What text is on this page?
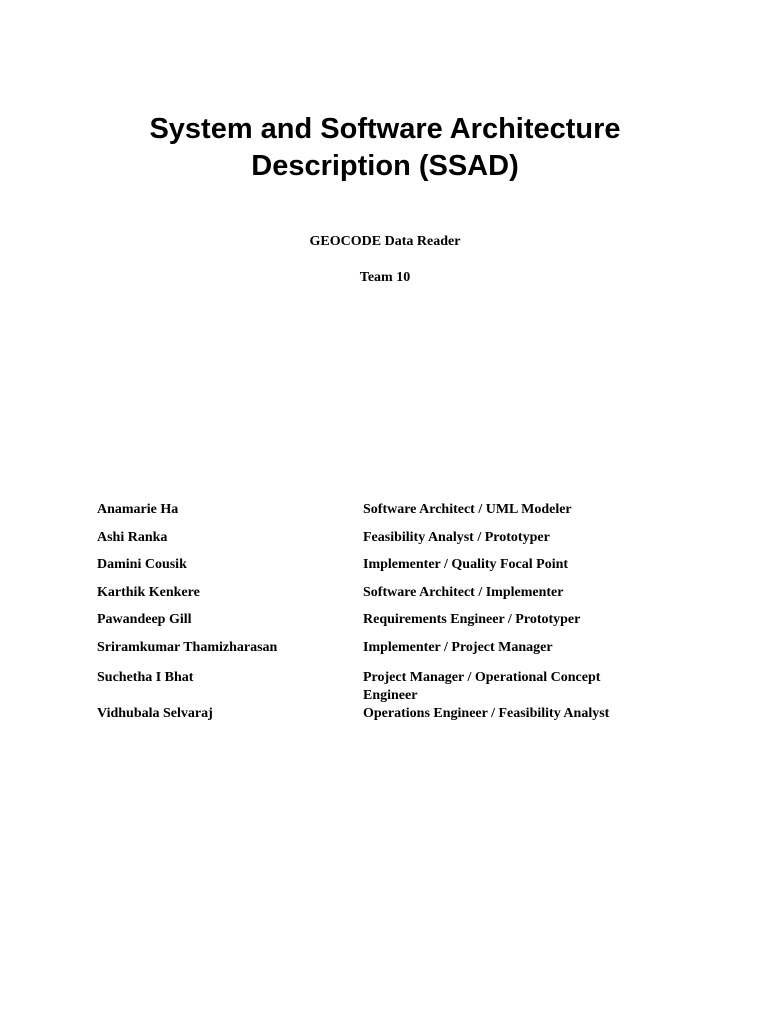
System and Software Architecture
Description (SSAD)

GEOCODE Data Reader

Team 10

Anamarie Ha	Software Architect / UML Modeler
Ashi Ranka	Feasibility Analyst / Prototyper
Damini Cousik	Implementer / Quality Focal Point
Karthik Kenkere	Software Architect / Implementer
Pawandeep Gill	Requirements Engineer / Prototyper
Sriramkumar Thamizharasan	Implementer / Project Manager
Suchetha I Bhat	Project Manager / Operational Concept Engineer
Vidhubala Selvaraj	Operations Engineer / Feasibility Analyst
